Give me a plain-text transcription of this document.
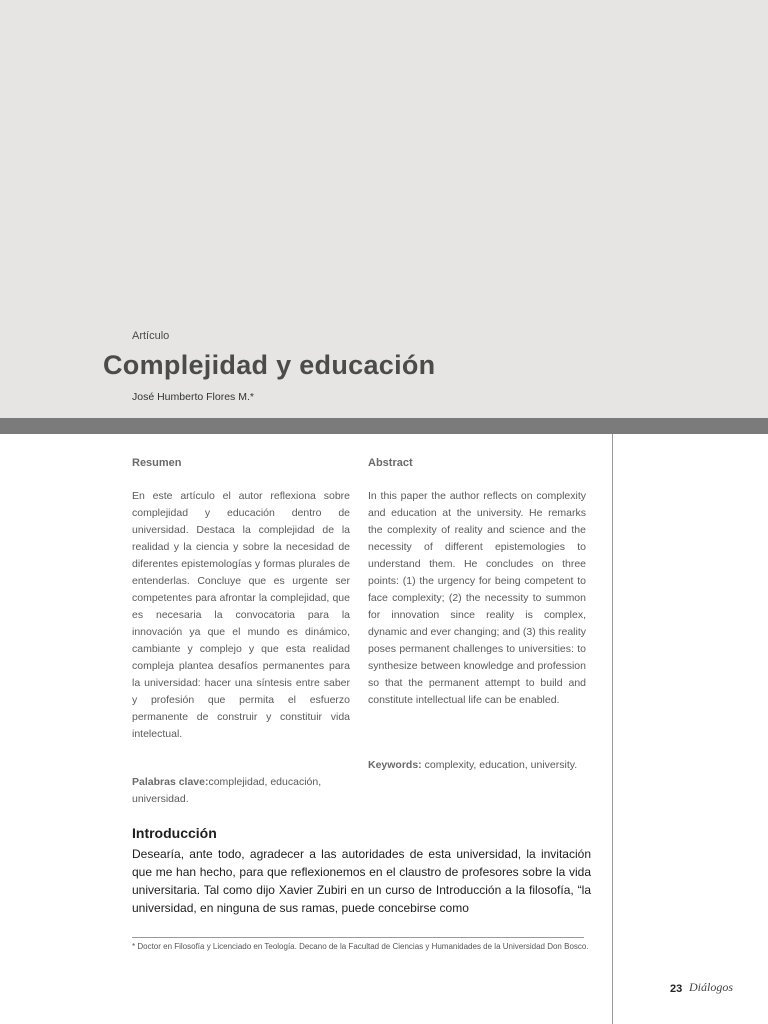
Artículo
Complejidad y educación
José Humberto Flores M.*
Resumen

En este artículo el autor reflexiona sobre complejidad y educación dentro de universidad. Destaca la complejidad de la realidad y la ciencia y sobre la necesidad de diferentes epistemologías y formas plurales de entenderlas. Concluye que es urgente ser competentes para afrontar la complejidad, que es necesaria la convocatoria para la innovación ya que el mundo es dinámico, cambiante y complejo y que esta realidad compleja plantea desafíos permanentes para la universidad: hacer una síntesis entre saber y profesión que permita el esfuerzo permanente de construir y constituir vida intelectual.

Palabras clave:complejidad, educación, universidad.
Abstract

In this paper the author reflects on complexity and education at the university. He remarks the complexity of reality and science and the necessity of different epistemologies to understand them. He concludes on three points: (1) the urgency for being competent to face complexity; (2) the necessity to summon for innovation since reality is complex, dynamic and ever changing; and (3) this reality poses permanent challenges to universities: to synthesize between knowledge and profession so that the permanent attempt to build and constitute intellectual life can be enabled.

Keywords: complexity, education, university.
Introducción

Desearía, ante todo, agradecer a las autoridades de esta universidad, la invitación que me han hecho, para que reflexionemos en el claustro de profesores sobre la vida universitaria. Tal como dijo Xavier Zubiri en un curso de Introducción a la filosofía, “la universidad, en ninguna de sus ramas, puede concebirse como

* Doctor en Filosofía y Licenciado en Teología. Decano de la Facultad de Ciencias y Humanidades de la Universidad Don Bosco.

23 Diálogos
